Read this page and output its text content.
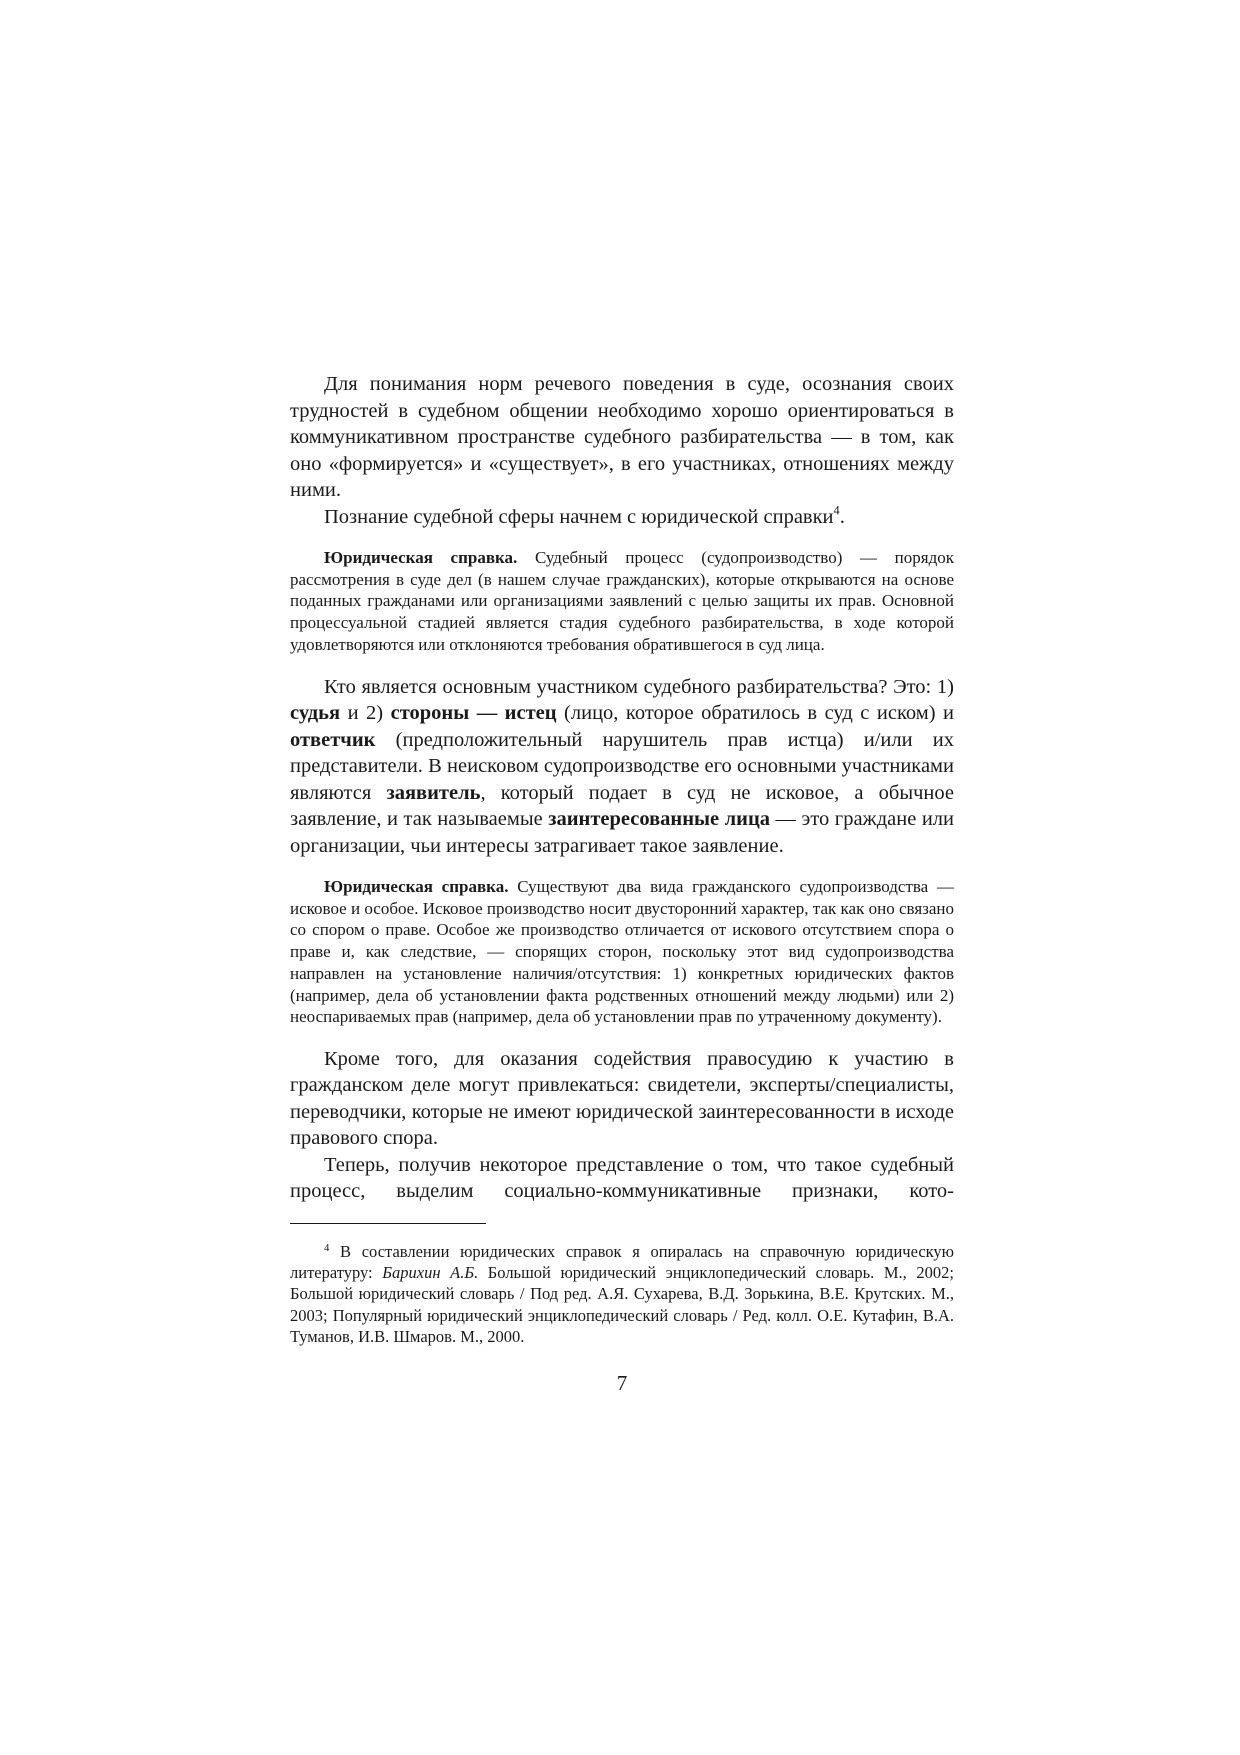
Для понимания норм речевого поведения в суде, осознания своих трудностей в судебном общении необходимо хорошо ориентироваться в коммуникативном пространстве судебного разбирательства — в том, как оно «формируется» и «существует», в его участниках, отношениях между ними.

Познание судебной сферы начнем с юридической справки$^4$.

Юридическая справка. Судебный процесс (судопроизводство) — порядок рассмотрения в суде дел (в нашем случае гражданских), которые открываются на основе поданных гражданами или организациями заявлений с целью защиты их прав. Основной процессуальной стадией является стадия судебного разбирательства, в ходе которой удовлетворяются или отклоняются требования обратившегося в суд лица.

Кто является основным участником судебного разбирательства? Это: 1) судья и 2) стороны — истец (лицо, которое обратилось в суд с иском) и ответчик (предположительный нарушитель прав истца) и/или их представители. В неисковом судопроизводстве его основными участниками являются заявитель, который подает в суд не исковое, а обычное заявление, и так называемые заинтересованные лица — это граждане или организации, чьи интересы затрагивает такое заявление.

Юридическая справка. Существуют два вида гражданского судопроизводства — исковое и особое. Исковое производство носит двусторонний характер, так как оно связано со спором о праве. Особое же производство отличается от искового отсутствием спора о праве и, как следствие, — спорящих сторон, поскольку этот вид судопроизводства направлен на установление наличия/отсутствия: 1) конкретных юридических фактов (например, дела об установлении факта родственных отношений между людьми) или 2) неоспариваемых прав (например, дела об установлении прав по утраченному документу).

Кроме того, для оказания содействия правосудию к участию в гражданском деле могут привлекаться: свидетели, эксперты/специалисты, переводчики, которые не имеют юридической заинтересованности в исходе правового спора.

Теперь, получив некоторое представление о том, что такое судебный процесс, выделим социально-коммуникативные признаки, кото-

$^4$ В составлении юридических справок я опиралась на справочную юридическую литературу: Барихин А.Б. Большой юридический энциклопедический словарь. М., 2002; Большой юридический словарь / Под ред. А.Я. Сухарева, В.Д. Зорькина, В.Е. Крутских. М., 2003; Популярный юридический энциклопедический словарь / Ред. колл. О.Е. Кутафин, В.А. Туманов, И.В. Шмаров. М., 2000.

7
